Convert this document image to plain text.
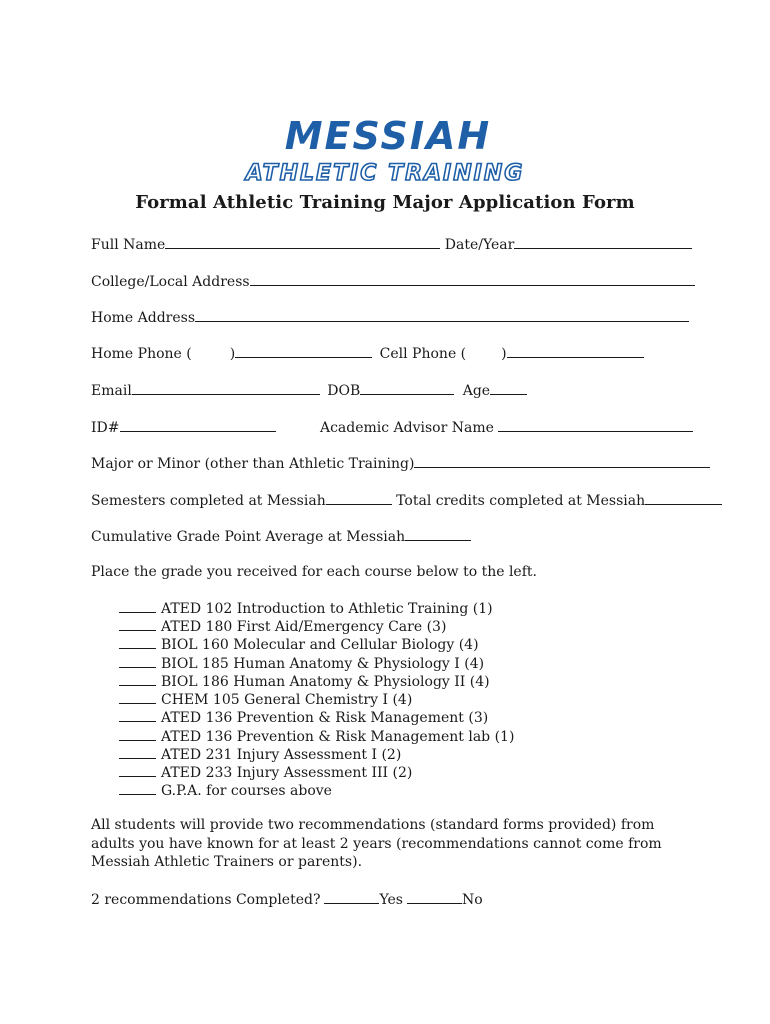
MESSIAH
ATHLETIC TRAINING
Formal Athletic Training Major Application Form
Full Name	Date/Year
College/Local Address
Home Address
Home Phone (	)	Cell Phone (	)
Email	DOB	Age
ID#	Academic Advisor Name
Major or Minor (other than Athletic Training)
Semesters completed at Messiah	Total credits completed at Messiah
Cumulative Grade Point Average at Messiah
Place the grade you received for each course below to the left.
ATED 102 Introduction to Athletic Training (1)
ATED 180 First Aid/Emergency Care (3)
BIOL 160 Molecular and Cellular Biology (4)
BIOL 185 Human Anatomy & Physiology I (4)
BIOL 186 Human Anatomy & Physiology II (4)
CHEM 105 General Chemistry I (4)
ATED 136 Prevention & Risk Management (3)
ATED 136 Prevention & Risk Management lab (1)
ATED 231 Injury Assessment I (2)
ATED 233 Injury Assessment III (2)
G.P.A. for courses above
All students will provide two recommendations (standard forms provided) from adults you have known for at least 2 years (recommendations cannot come from Messiah Athletic Trainers or parents).
2 recommendations Completed?	Yes	No
